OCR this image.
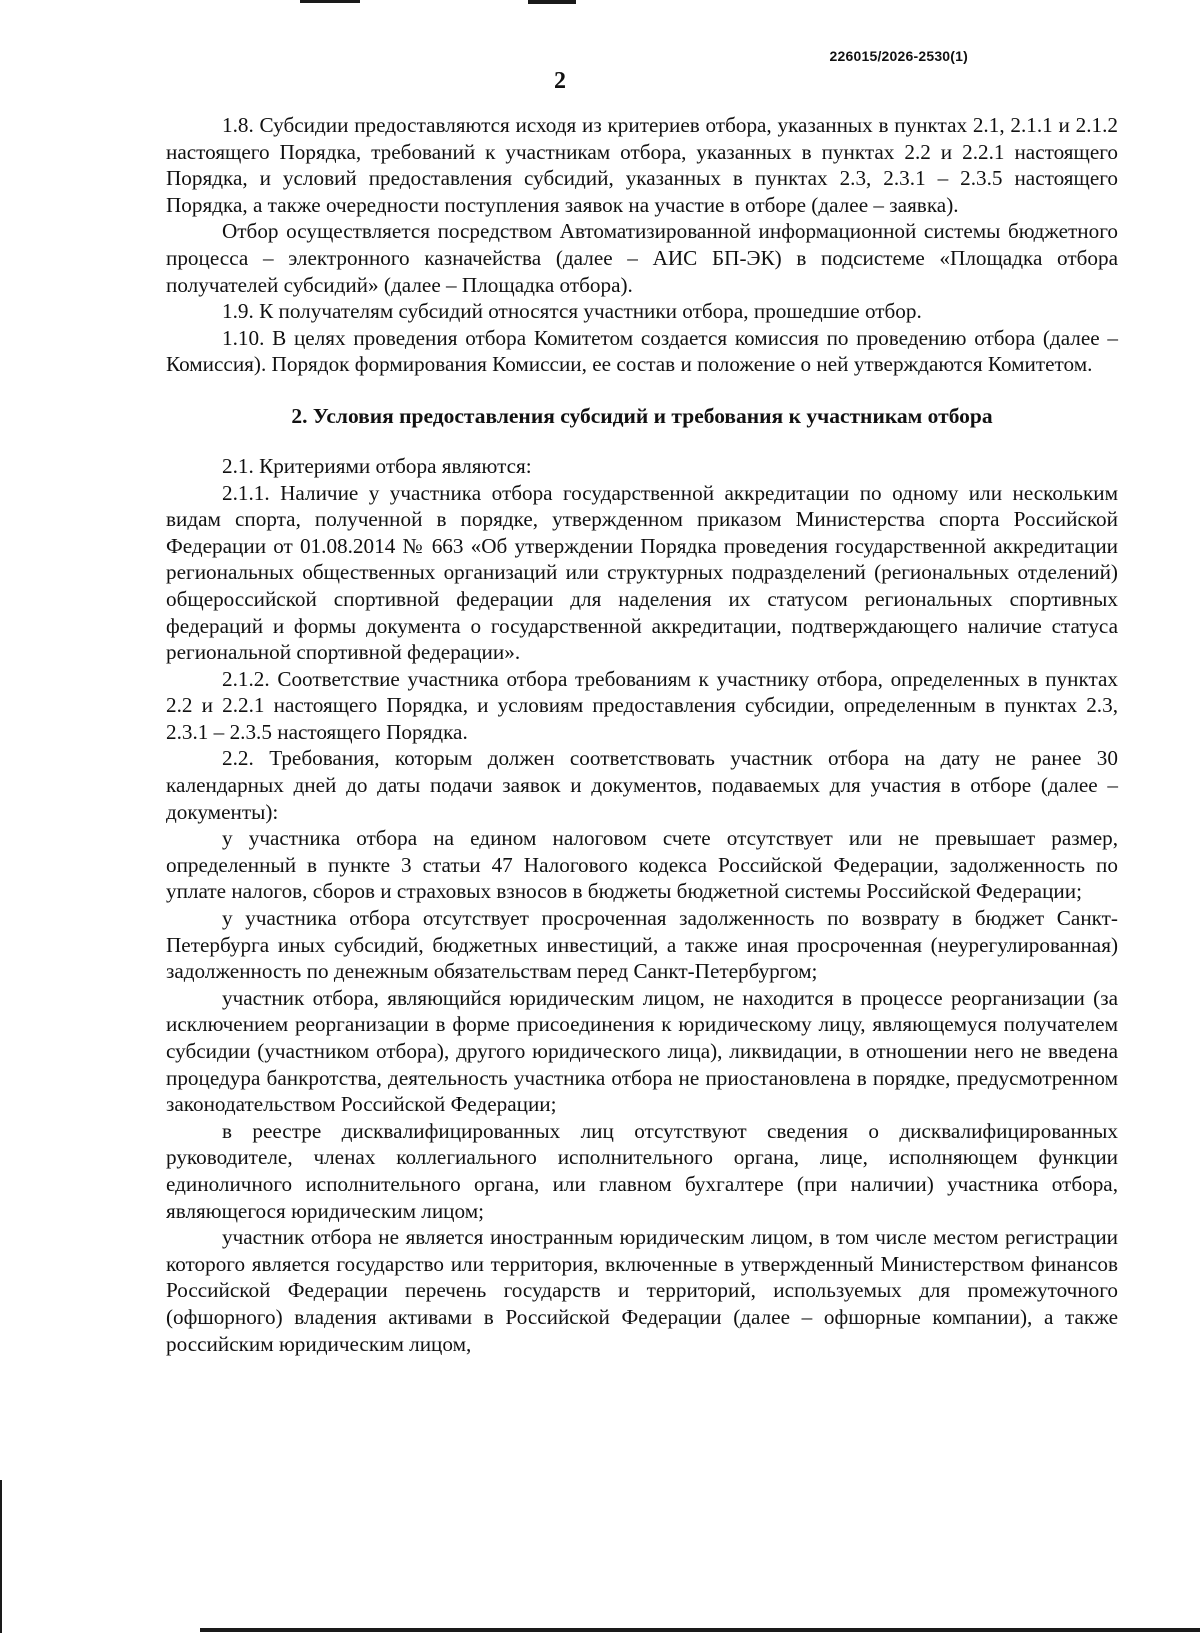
226015/2026-2530(1)
2

1.8. Субсидии предоставляются исходя из критериев отбора, указанных в пунктах 2.1, 2.1.1 и 2.1.2 настоящего Порядка, требований к участникам отбора, указанных в пунктах 2.2 и 2.2.1 настоящего Порядка, и условий предоставления субсидий, указанных в пунктах 2.3, 2.3.1 – 2.3.5 настоящего Порядка, а также очередности поступления заявок на участие в отборе (далее – заявка).

Отбор осуществляется посредством Автоматизированной информационной системы бюджетного процесса – электронного казначейства (далее – АИС БП-ЭК) в подсистеме «Площадка отбора получателей субсидий» (далее – Площадка отбора).

1.9. К получателям субсидий относятся участники отбора, прошедшие отбор.

1.10. В целях проведения отбора Комитетом создается комиссия по проведению отбора (далее – Комиссия). Порядок формирования Комиссии, ее состав и положение о ней утверждаются Комитетом.

2. Условия предоставления субсидий и требования к участникам отбора

2.1. Критериями отбора являются:

2.1.1. Наличие у участника отбора государственной аккредитации по одному или нескольким видам спорта, полученной в порядке, утвержденном приказом Министерства спорта Российской Федерации от 01.08.2014 № 663 «Об утверждении Порядка проведения государственной аккредитации региональных общественных организаций или структурных подразделений (региональных отделений) общероссийской спортивной федерации для наделения их статусом региональных спортивных федераций и формы документа о государственной аккредитации, подтверждающего наличие статуса региональной спортивной федерации».

2.1.2. Соответствие участника отбора требованиям к участнику отбора, определенных в пунктах 2.2 и 2.2.1 настоящего Порядка, и условиям предоставления субсидии, определенным в пунктах 2.3, 2.3.1 – 2.3.5 настоящего Порядка.

2.2. Требования, которым должен соответствовать участник отбора на дату не ранее 30 календарных дней до даты подачи заявок и документов, подаваемых для участия в отборе (далее – документы):

у участника отбора на едином налоговом счете отсутствует или не превышает размер, определенный в пункте 3 статьи 47 Налогового кодекса Российской Федерации, задолженность по уплате налогов, сборов и страховых взносов в бюджеты бюджетной системы Российской Федерации;

у участника отбора отсутствует просроченная задолженность по возврату в бюджет Санкт-Петербурга иных субсидий, бюджетных инвестиций, а также иная просроченная (неурегулированная) задолженность по денежным обязательствам перед Санкт-Петербургом;

участник отбора, являющийся юридическим лицом, не находится в процессе реорганизации (за исключением реорганизации в форме присоединения к юридическому лицу, являющемуся получателем субсидии (участником отбора), другого юридического лица), ликвидации, в отношении него не введена процедура банкротства, деятельность участника отбора не приостановлена в порядке, предусмотренном законодательством Российской Федерации;

в реестре дисквалифицированных лиц отсутствуют сведения о дисквалифицированных руководителе, членах коллегиального исполнительного органа, лице, исполняющем функции единоличного исполнительного органа, или главном бухгалтере (при наличии) участника отбора, являющегося юридическим лицом;

участник отбора не является иностранным юридическим лицом, в том числе местом регистрации которого является государство или территория, включенные в утвержденный Министерством финансов Российской Федерации перечень государств и территорий, используемых для промежуточного (офшорного) владения активами в Российской Федерации (далее – офшорные компании), а также российским юридическим лицом,
